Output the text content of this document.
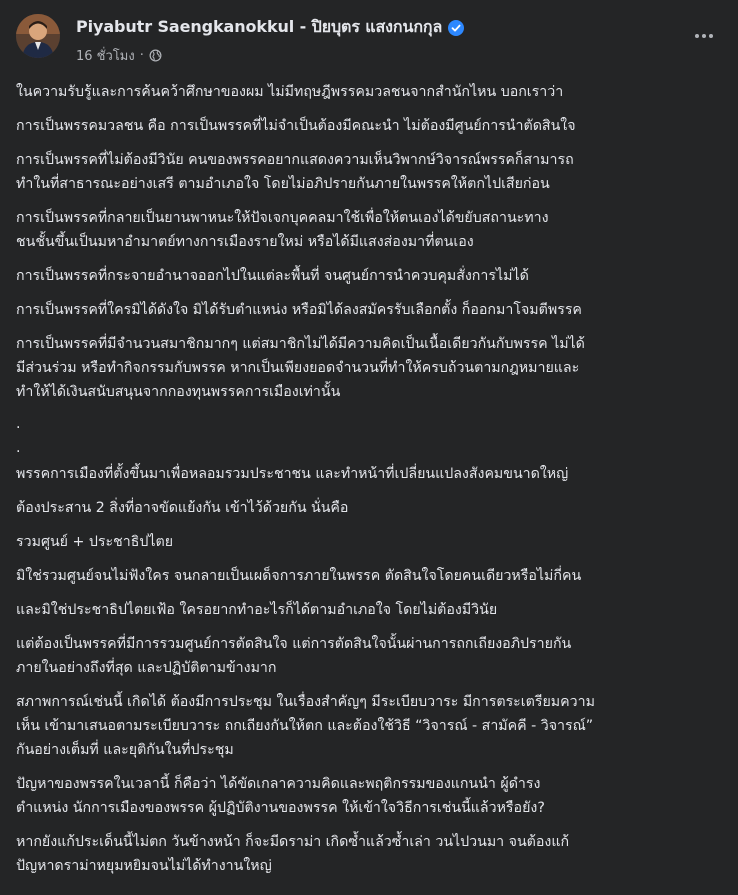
Piyabutr Saengkanokkul - ปิยบุตร แสงกนกกุล
16 ชั่วโมง ·

ในความรับรู้และการค้นคว้าศึกษาของผม ไม่มีทฤษฎีพรรคมวลชนจากสำนักไหน บอกเราว่า

การเป็นพรรคมวลชน คือ การเป็นพรรคที่ไม่จำเป็นต้องมีคณะนำ ไม่ต้องมีศูนย์การนำตัดสินใจ

การเป็นพรรคที่ไม่ต้องมีวินัย คนของพรรคอยากแสดงความเห็นวิพากษ์วิจารณ์พรรคก็สามารถ
ทำในที่สาธารณะอย่างเสรี ตามอำเภอใจ โดยไม่อภิปรายกันภายในพรรคให้ตกไปเสียก่อน

การเป็นพรรคที่กลายเป็นยานพาหนะให้ปัจเจกบุคคลมาใช้เพื่อให้ตนเองได้ขยับสถานะทาง
ชนชั้นขึ้นเป็นมหาอำมาตย์ทางการเมืองรายใหม่ หรือได้มีแสงส่องมาที่ตนเอง

การเป็นพรรคที่กระจายอำนาจออกไปในแต่ละพื้นที่ จนศูนย์การนำควบคุมสั่งการไม่ได้

การเป็นพรรคที่ใครมิได้ดังใจ มิได้รับตำแหน่ง หรือมิได้ลงสมัครรับเลือกตั้ง ก็ออกมาโจมตีพรรค

การเป็นพรรคที่มีจำนวนสมาชิกมากๆ แต่สมาชิกไม่ได้มีความคิดเป็นเนื้อเดียวกันกับพรรค ไม่ได้
มีส่วนร่วม หรือทำกิจกรรมกับพรรค หากเป็นเพียงยอดจำนวนที่ทำให้ครบถ้วนตามกฎหมายและ
ทำให้ได้เงินสนับสนุนจากกองทุนพรรคการเมืองเท่านั้น

.

.

พรรคการเมืองที่ตั้งขึ้นมาเพื่อหลอมรวมประชาชน และทำหน้าที่เปลี่ยนแปลงสังคมขนาดใหญ่

ต้องประสาน 2 สิ่งที่อาจขัดแย้งกัน เข้าไว้ด้วยกัน นั่นคือ

รวมศูนย์ + ประชาธิปไตย

มิใช่รวมศูนย์จนไม่ฟังใคร จนกลายเป็นเผด็จการภายในพรรค ตัดสินใจโดยคนเดียวหรือไม่กี่คน

และมิใช่ประชาธิปไตยเฟ้อ ใครอยากทำอะไรก็ได้ตามอำเภอใจ โดยไม่ต้องมีวินัย

แต่ต้องเป็นพรรคที่มีการรวมศูนย์การตัดสินใจ แต่การตัดสินใจนั้นผ่านการถกเถียงอภิปรายกัน
ภายในอย่างถึงที่สุด และปฏิบัติตามข้างมาก

สภาพการณ์เช่นนี้ เกิดได้ ต้องมีการประชุม ในเรื่องสำคัญๆ มีระเบียบวาระ มีการตระเตรียมความ
เห็น เข้ามาเสนอตามระเบียบวาระ ถกเถียงกันให้ตก และต้องใช้วิธี “วิจารณ์ - สามัคคี - วิจารณ์”
กันอย่างเต็มที่ และยุติกันในที่ประชุม

ปัญหาของพรรคในเวลานี้ ก็คือว่า ได้ขัดเกลาความคิดและพฤติกรรมของแกนนำ ผู้ดำรง
ตำแหน่ง นักการเมืองของพรรค ผู้ปฏิบัติงานของพรรค ให้เข้าใจวิธีการเช่นนี้แล้วหรือยัง?

หากยังแก้ประเด็นนี้ไม่ตก วันข้างหน้า ก็จะมีดราม่า เกิดซ้ำแล้วซ้ำเล่า วนไปวนมา จนต้องแก้
ปัญหาดราม่าหยุมหยิมจนไม่ได้ทำงานใหญ่
